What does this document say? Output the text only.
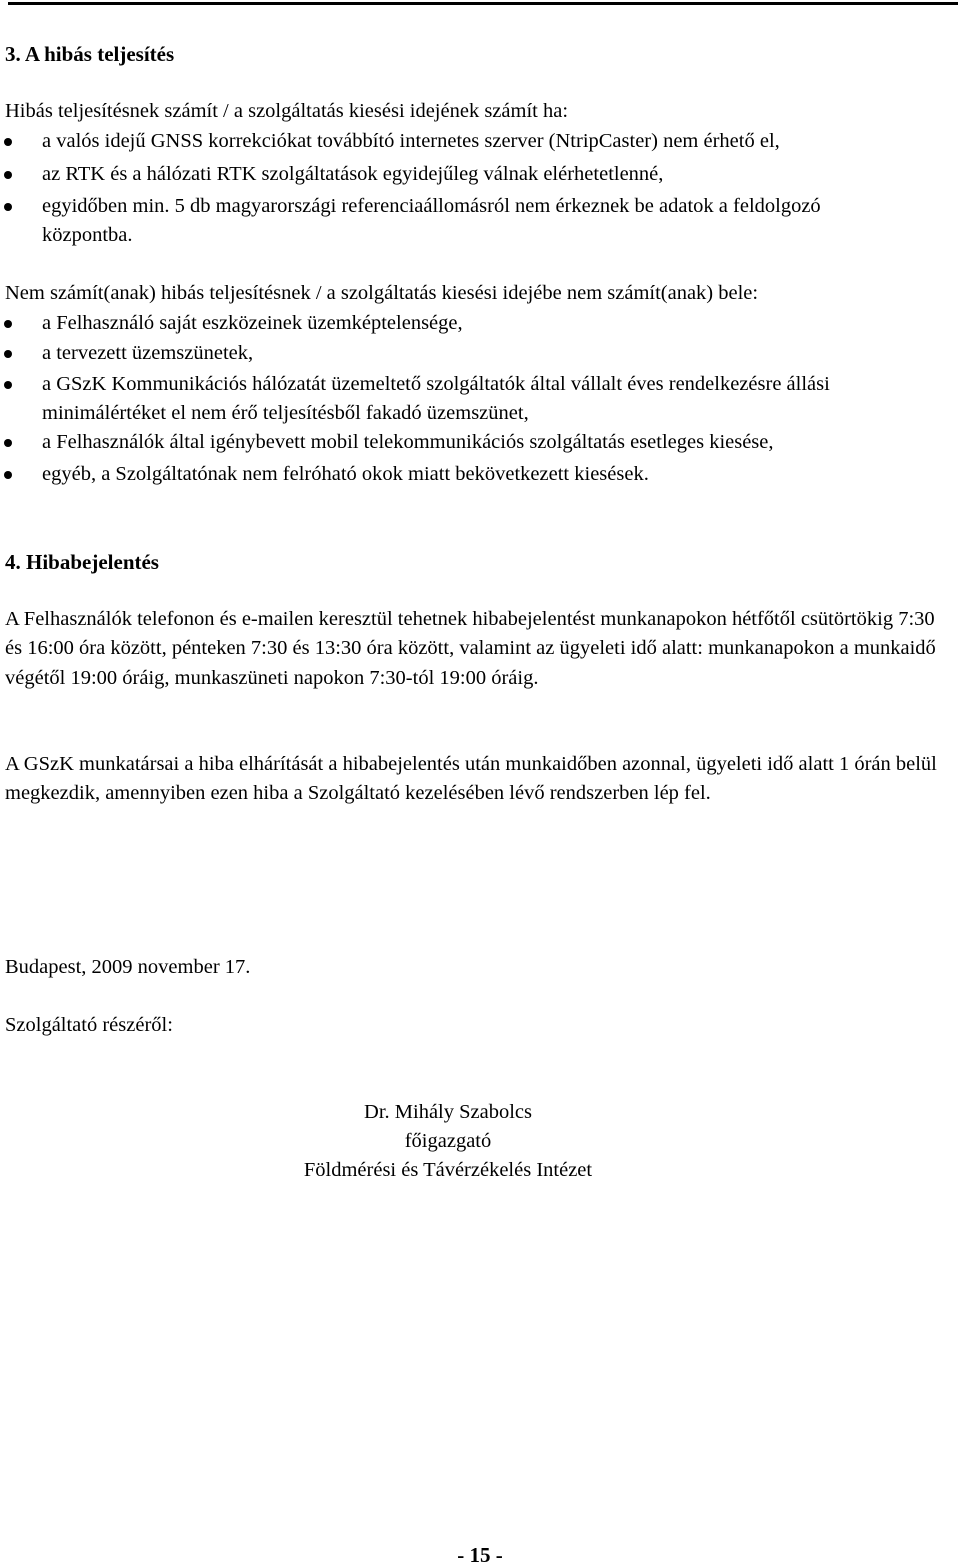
3. A hibás teljesítés
Hibás teljesítésnek számít / a szolgáltatás kiesési idejének számít ha:
a valós idejű GNSS korrekciókat továbbító internetes szerver (NtripCaster) nem érhető el,
az RTK és a hálózati RTK szolgáltatások egyidejűleg válnak elérhetetlenné,
egyidőben min. 5 db magyarországi referenciaállomásról nem érkeznek be adatok a feldolgozó központba.
Nem számít(anak) hibás teljesítésnek / a szolgáltatás kiesési idejébe nem számít(anak) bele:
a Felhasználó saját eszközeinek üzemképtelensége,
a tervezett üzemszünetek,
a GSzK Kommunikációs hálózatát üzemeltető szolgáltatók által vállalt éves rendelkezésre állási minimálértéket el nem érő teljesítésből fakadó üzemszünet,
a Felhasználók által igénybevett mobil telekommunikációs szolgáltatás esetleges kiesése,
egyéb, a Szolgáltatónak nem felróható okok miatt bekövetkezett kiesések.
4. Hibabejelentés
A Felhasználók telefonon és e-mailen keresztül tehetnek hibabejelentést munkanapokon hétfőtől csütörtökig 7:30 és 16:00 óra között, pénteken 7:30 és 13:30 óra között, valamint az ügyeleti idő alatt: munkanapokon a munkaidő végétől 19:00 óráig, munkaszüneti napokon 7:30-tól 19:00 óráig.
A GSzK munkatársai a hiba elhárítását a hibabejelentés után munkaidőben azonnal, ügyeleti idő alatt 1 órán belül megkezdik, amennyiben ezen hiba a Szolgáltató kezelésében lévő rendszerben lép fel.
Budapest, 2009 november 17.
Szolgáltató részéről:
Dr. Mihály Szabolcs
főigazgató
Földmérési és Távérzékelés Intézet
- 15 -
